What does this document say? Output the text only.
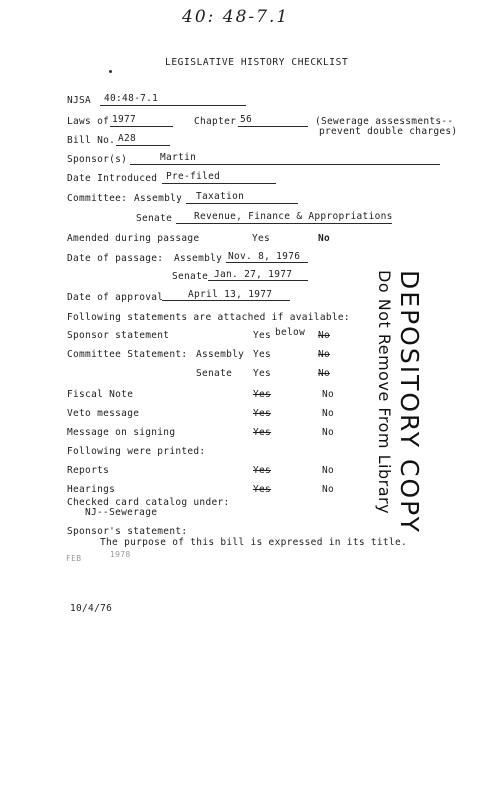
40: 48-7.1
LEGISLATIVE HISTORY CHECKLIST
NJSA 40:48-7.1
Laws of 1977	Chapter 56	(Sewerage assessments--
prevent double charges)
Bill No. A28
Sponsor(s)	Martin
Date Introduced Pre-filed
Committee: Assembly Taxation
Senate Revenue, Finance & Appropriations
Amended during passage	Yes	No
Date of passage: Assembly Nov. 8, 1976
Senate Jan. 27, 1977
Date of approval	April 13, 1977
Following statements are attached if available:
Sponsor statement	Yes below No
Committee Statement: Assembly Yes	No
Senate Yes	No
Fiscal Note	Yes	No
Veto message	Yes	No
Message on signing	Yes	No
Following were printed:
Reports	Yes	No
Hearings	Yes	No
Checked card catalog under:
NJ--Sewerage
Sponsor's statement:
The purpose of this bill is expressed in its title.
FEB	1978
10/4/76
DEPOSITORY COPY
Do Not Remove From Library
